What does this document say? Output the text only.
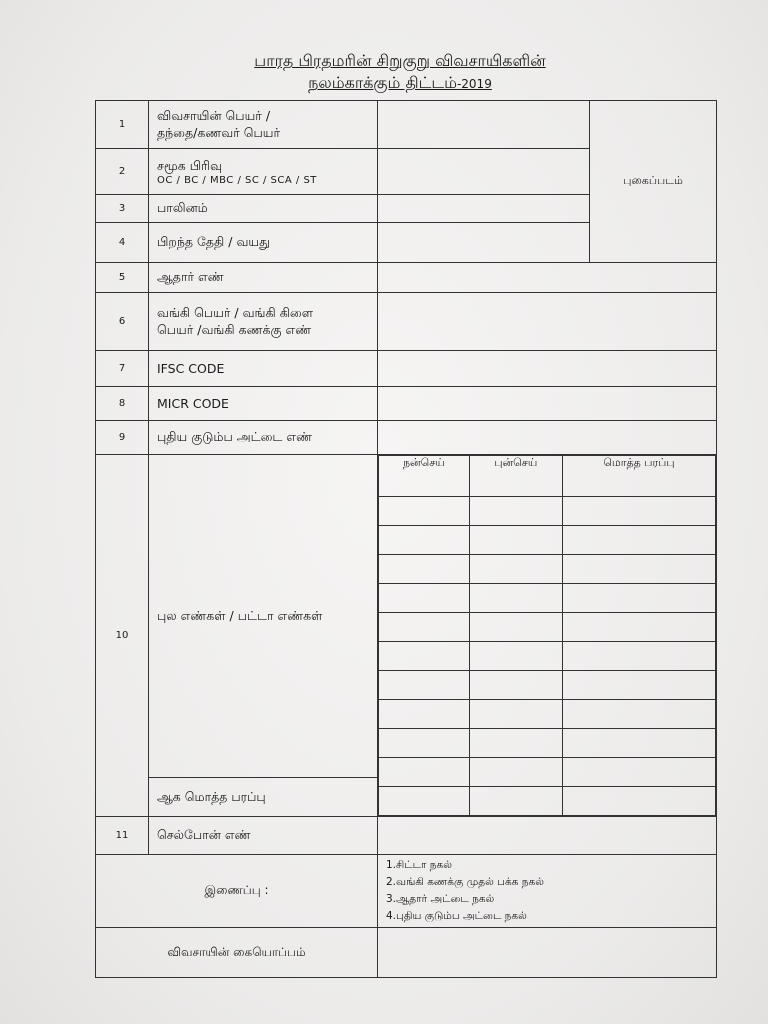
பாரத பிரதமரின் சிறுகுறு விவசாயிகளின்
நலம்காக்கும் திட்டம்-2019
1	
விவசாயின் பெயர் /
தந்தை/கணவர் பெயர்
		புகைப்படம்
2	சமூக பிரிவு
OC / BC / MBC / SC / SCA / ST

3	பாலினம்	
4	பிறந்த தேதி / வயது	
5	ஆதார் எண்	
6	
வங்கி பெயர் / வங்கி கிளை
பெயர் /வங்கி கணக்கு எண்

7	IFSC CODE	
8	MICR CODE	
9	புதிய குடும்ப அட்டை எண்	
10	புல எண்கள் / பட்டா எண்கள்	
நன்செய்	புன்செய்	மொத்த பரப்பு

ஆக மொத்த பரப்பு
11	செல்போன் எண்	
இணைப்பு :	
1.சிட்டா நகல்
2.வங்கி கணக்கு முதல் பக்க நகல்
3.ஆதார் அட்டை நகல்
4.புதிய குடும்ப அட்டை நகல்

விவசாயின் கையொப்பம்	
